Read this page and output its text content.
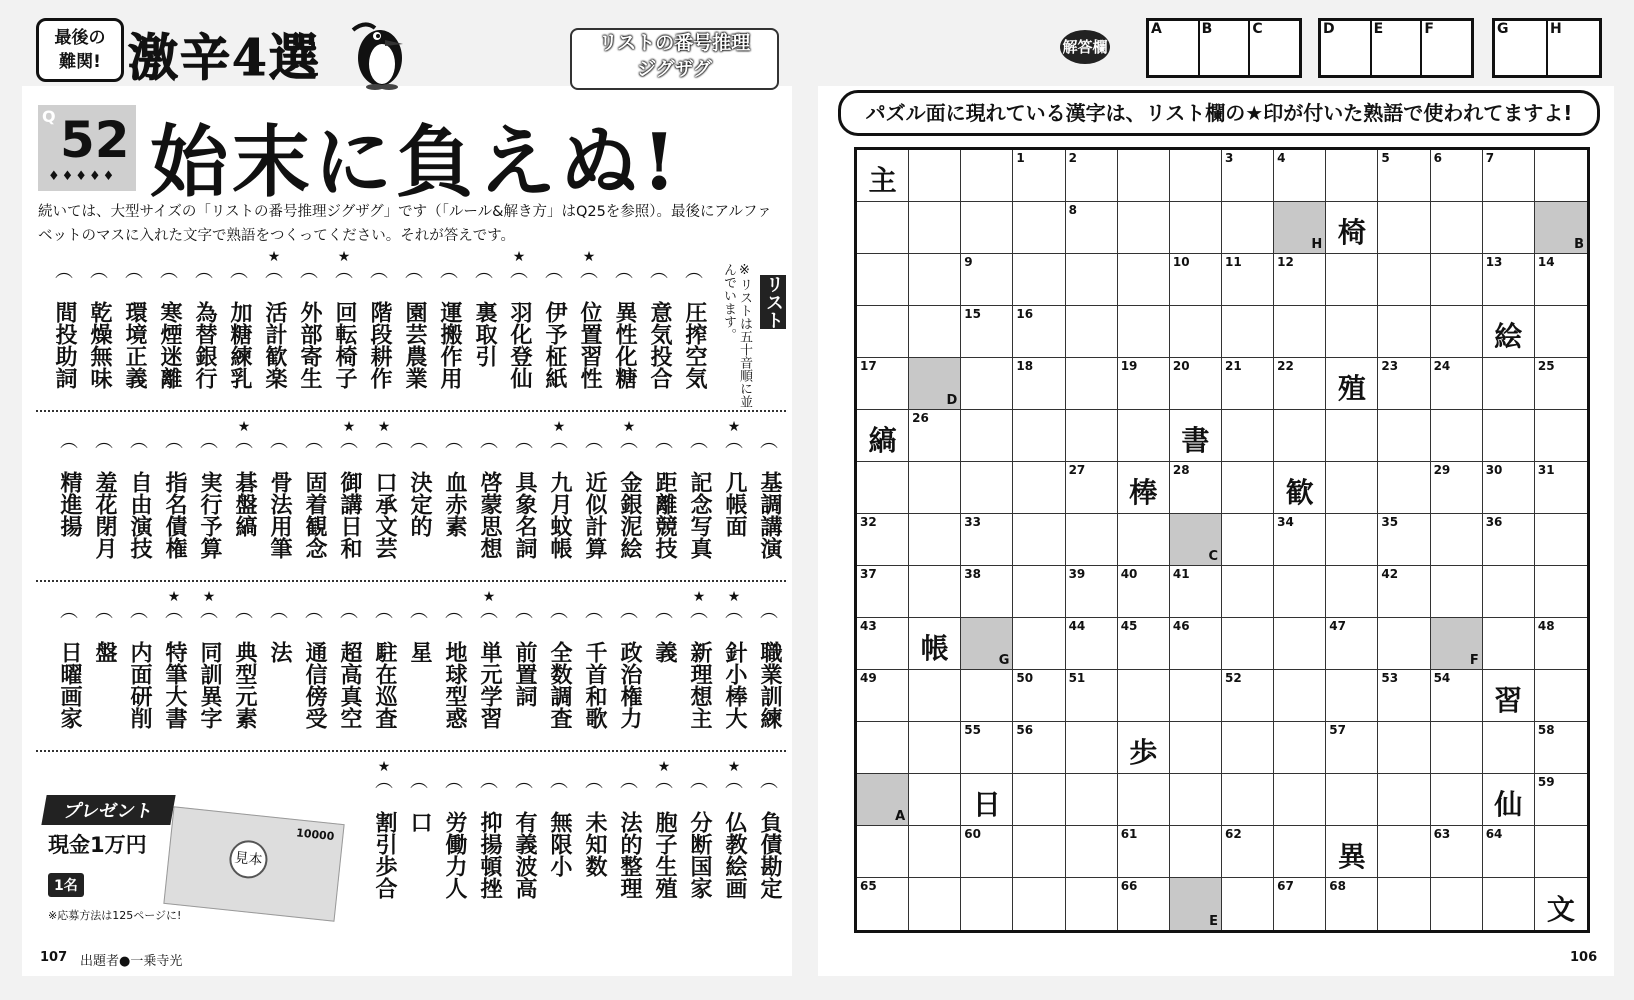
最後の
難関! 激辛4選	リストの番号推理
ジグザグ
Q 52
♦♦♦♦♦ 始末に負えぬ!
続いては、大型サイズの「リストの番号推理ジグザグ」です（「ルール&解き方」はQ25を参照）。最後にアルファベットのマスに入れた文字で熟語をつくってください。それが答えです。
リスト
※リストは五十音順に並んでいます。
︵
圧搾空気
︵
意気投合
︵
異性化糖
★
︵
位置習性
︵
伊予柾紙
★
︵
羽化登仙
︵
裏取引
︵
運搬作用
︵
園芸農業
︵
階段耕作
★
︵
回転椅子
︵
外部寄生
★
︵
活計歓楽
︵
加糖練乳
︵
為替銀行
︵
寒煙迷離
︵
環境正義
︵
乾燥無味
︵
間投助詞
︵
基調講演
★
︵
几帳面
︵
記念写真
︵
距離競技
★
︵
金銀泥絵
︵
近似計算
★
︵
九月蚊帳
︵
具象名詞
︵
啓蒙思想
︵
血赤素
︵
決定的
★
︵
口承文芸
★
︵
御講日和
︵
固着観念
︵
骨法用筆
★
︵
碁盤縞
︵
実行予算
︵
指名債権
︵
自由演技
︵
羞花閉月
︵
精進揚
︵
職業訓練
★
︵
針小棒大
★
︵
新理想主
︵
義
︵
政治権力
︵
千首和歌
︵
全数調査
︵
前置詞
★
︵
単元学習
︵
地球型惑
︵
星
︵
駐在巡査
︵
超高真空
︵
通信傍受
︵
法
︵
典型元素
★
︵
同訓異字
★
︵
特筆大書
︵
内面研削
︵
盤
︵
日曜画家
︵
負債勘定
★
︵
仏教絵画
︵
分断国家
★
︵
胞子生殖
︵
法的整理
︵
未知数
︵
無限小
︵
有義波高
︵
抑揚頓挫
︵
労働力人
︵
口
★
︵
割引歩合
プレゼント
現金1万円
1名
※応募方法は125ページに!
10000
見本
107 出題者●一乗寺光
解答欄
A	B	C	D	E	F	G	H
パズル面に現れている漢字は、リスト欄の★印が付いた熟語で使われてますよ!
主
1	2	3	4	5	6	7
8
H 椅	B
9	10	11	12	13	14
15	16
絵
17
D
18	19	20	21	22
殖
23	24	25
縞
26
書
27
棒
28
歓
29	30	31
32	33
C
34	35	36
37	38	39	40	41	42
43
帳	G
44	45	46	47
F
48
49	50	51	52	53	54
習
55	56
歩
57	58
A	日	仙
59
60	61	62
異
63	64
65	66
E
67	68
文
106
